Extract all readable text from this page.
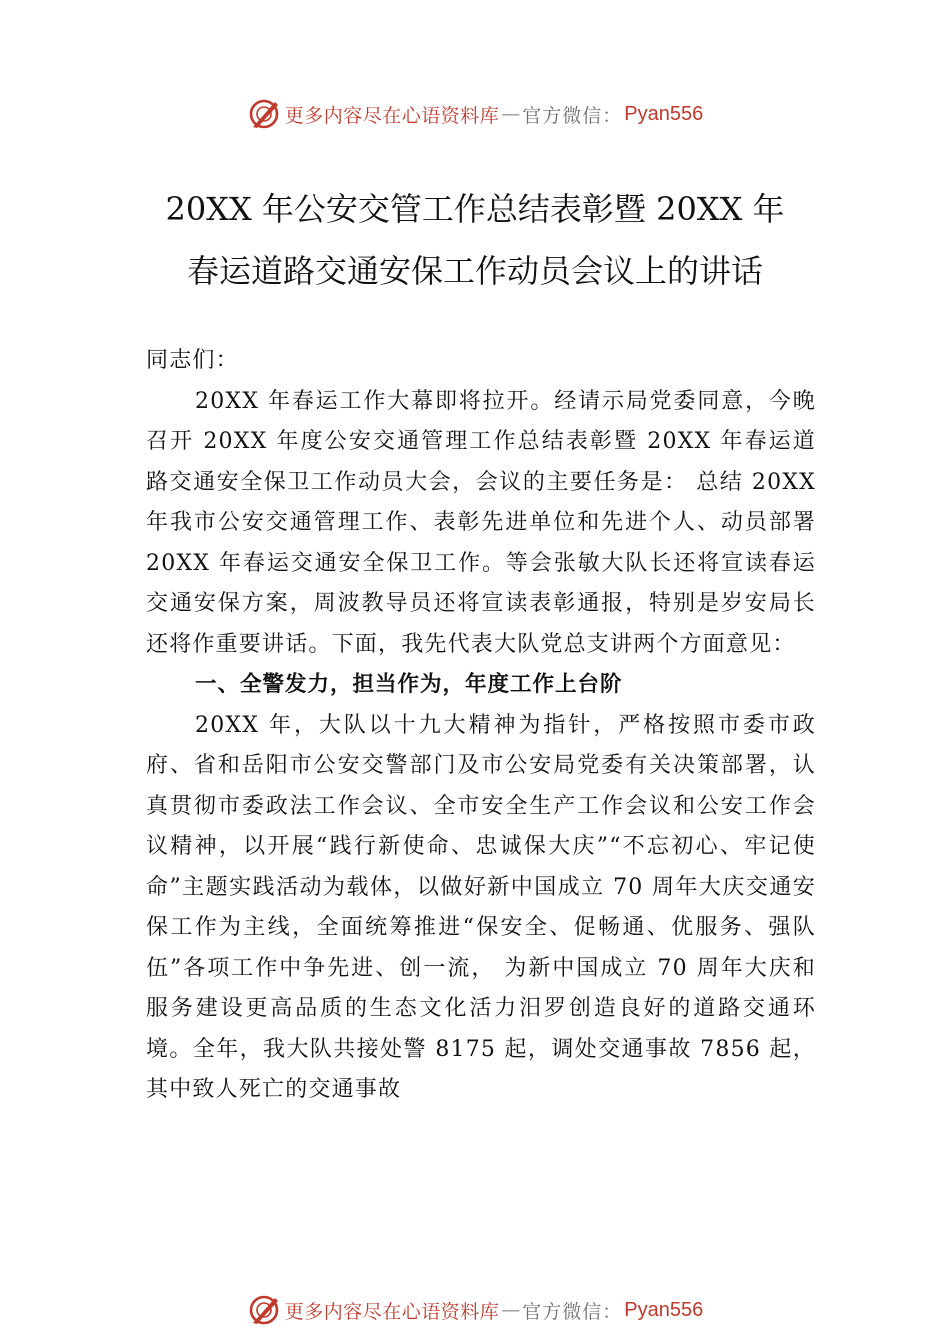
更多内容尽在心语资料库 — 官方微信： Pyan556
20XX 年公安交管工作总结表彰暨 20XX 年
春运道路交通安保工作动员会议上的讲话

同志们：

20XX 年春运工作大幕即将拉开。经请示局党委同意，今晚召开 20XX 年度公安交通管理工作总结表彰暨 20XX 年春运道路交通安全保卫工作动员大会，会议的主要任务是： 总结 20XX 年我市公安交通管理工作、表彰先进单位和先进个人、动员部署 20XX 年春运交通安全保卫工作。等会张敏大队长还将宣读春运交通安保方案，周波教导员还将宣读表彰通报，特别是岁安局长还将作重要讲话。下面，我先代表大队党总支讲两个方面意见：

一、全警发力，担当作为，年度工作上台阶

20XX 年，大队以十九大精神为指针，严格按照市委市政府、省和岳阳市公安交警部门及市公安局党委有关决策部署，认真贯彻市委政法工作会议、全市安全生产工作会议和公安工作会议精神，以开展“践行新使命、忠诚保大庆”“不忘初心、牢记使命”主题实践活动为载体，以做好新中国成立 70 周年大庆交通安保工作为主线，全面统筹推进“保安全、促畅通、优服务、强队伍”各项工作中争先进、创一流， 为新中国成立 70 周年大庆和服务建设更高品质的生态文化活力汨罗创造良好的道路交通环境。全年，我大队共接处警 8175 起，调处交通事故 7856 起，其中致人死亡的交通事故

更多内容尽在心语资料库 — 官方微信： Pyan556
